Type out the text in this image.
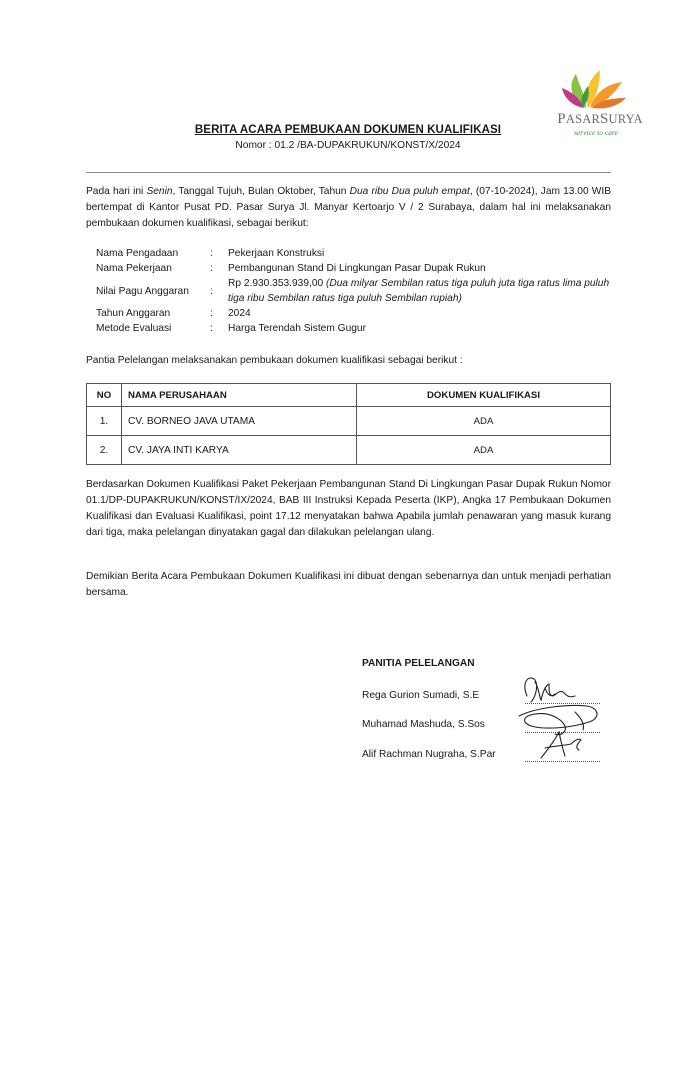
PASARSURYA
service to care
BERITA ACARA PEMBUKAAN DOKUMEN KUALIFIKASI
Nomor : 01.2 /BA-DUPAKRUKUN/KONST/X/2024
Pada hari ini Senin, Tanggal Tujuh, Bulan Oktober, Tahun Dua ribu Dua puluh empat, (07-10-2024), Jam 13.00 WIB bertempat di Kantor Pusat PD. Pasar Surya Jl. Manyar Kertoarjo V / 2 Surabaya, dalam hal ini melaksanakan pembukaan dokumen kualifikasi, sebagai berikut:
Nama Pengadaan	:	Pekerjaan Konstruksi
Nama Pekerjaan	:	Pembangunan Stand Di Lingkungan Pasar Dupak Rukun
Nilai Pagu Anggaran	:	Rp 2.930.353.939,00 (Dua milyar Sembilan ratus tiga puluh juta tiga ratus lima puluh tiga ribu Sembilan ratus tiga puluh Sembilan rupiah)
Tahun Anggaran	:	2024
Metode Evaluasi	:	Harga Terendah Sistem Gugur
Pantia Pelelangan melaksanakan pembukaan dokumen kualifikasi sebagai berikut :
NO	NAMA PERUSAHAAN	DOKUMEN KUALIFIKASI
1.	CV. BORNEO JAVA UTAMA	ADA
2.	CV. JAYA INTI KARYA	ADA
Berdasarkan Dokumen Kualifikasi Paket Pekerjaan Pembangunan Stand Di Lingkungan Pasar Dupak Rukun Nomor 01.1/DP-DUPAKRUKUN/KONST/IX/2024, BAB III Instruksi Kepada Peserta (IKP), Angka 17 Pembukaan Dokumen Kualifikasi dan Evaluasi Kualifikasi, point 17.12 menyatakan bahwa Apabila jumlah penawaran yang masuk kurang dari tiga, maka pelelangan dinyatakan gagal dan dilakukan pelelangan ulang.
Demikian Berita Acara Pembukaan Dokumen Kualifikasi ini dibuat dengan sebenarnya dan untuk menjadi perhatian bersama.
PANITIA PELELANGAN
Rega Gurion Sumadi, S.E
Muhamad Mashuda, S.Sos
Alif Rachman Nugraha, S.Par
